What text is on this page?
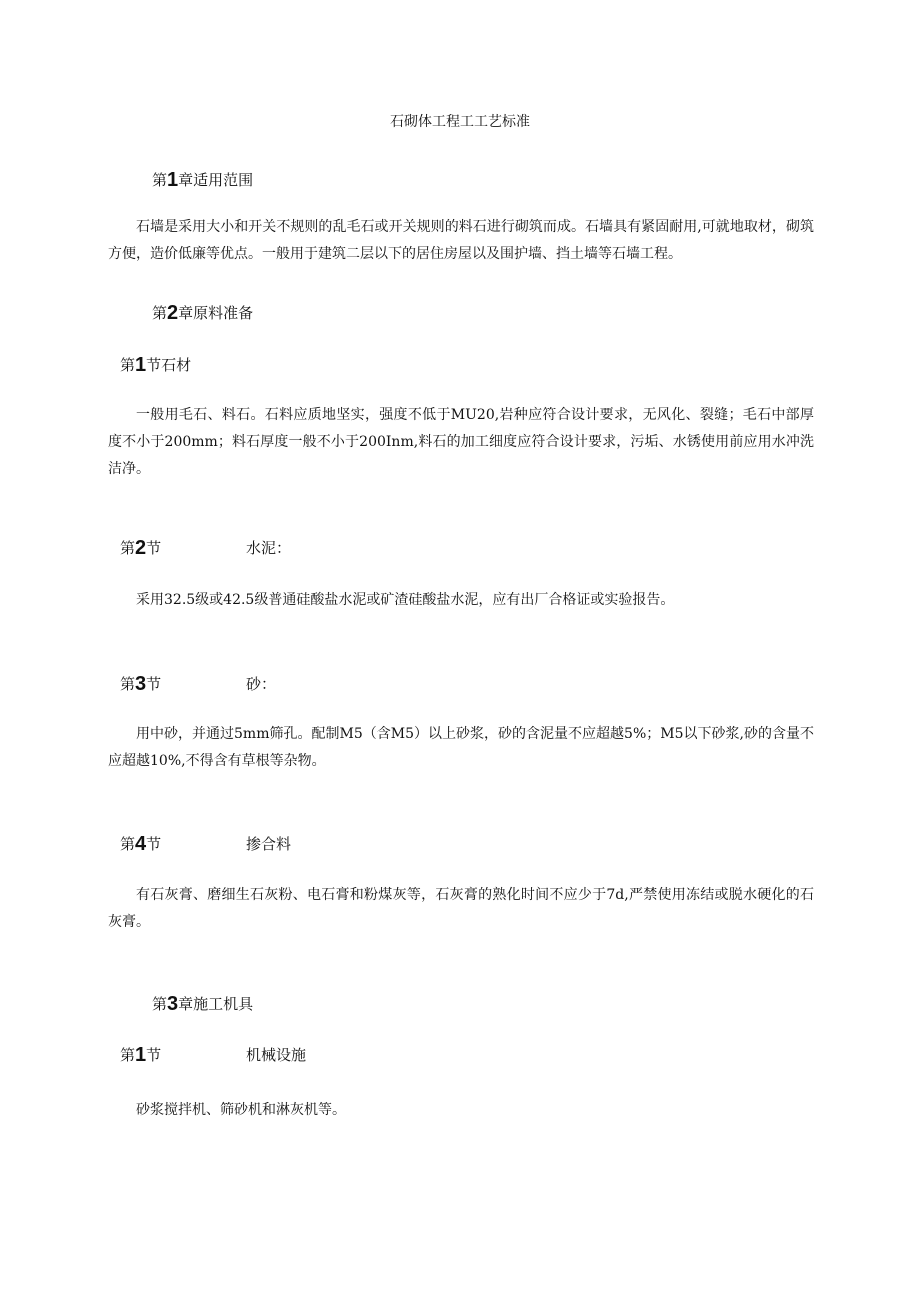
石砌体工程工工艺标准
第1章适用范围

石墙是采用大小和开关不规则的乱毛石或开关规则的料石进行砌筑而成。石墙具有紧固耐用,可就地取材，砌筑方便，造价低廉等优点。一般用于建筑二层以下的居住房屋以及围护墙、挡土墙等石墙工程。

第2章原料准备
第1节石材

一般用毛石、料石。石料应质地坚实，强度不低于MU20,岩种应符合设计要求，无风化、裂缝；毛石中部厚度不小于200mm；料石厚度一般不小于200Inm,料石的加工细度应符合设计要求，污垢、水锈使用前应用水冲洗洁净。

第2节	水泥：

采用32.5级或42.5级普通硅酸盐水泥或矿渣硅酸盐水泥，应有出厂合格证或实验报告。

第3节	砂：

用中砂，并通过5mm筛孔。配制M5（含M5）以上砂浆，砂的含泥量不应超越5%；M5以下砂浆,砂的含量不应超越10%,不得含有草根等杂物。

第4节	掺合料

有石灰膏、磨细生石灰粉、电石膏和粉煤灰等，石灰膏的熟化时间不应少于7d,严禁使用冻结或脱水硬化的石灰膏。

第3章施工机具
第1节	机械设施

砂浆搅拌机、筛砂机和淋灰机等。
